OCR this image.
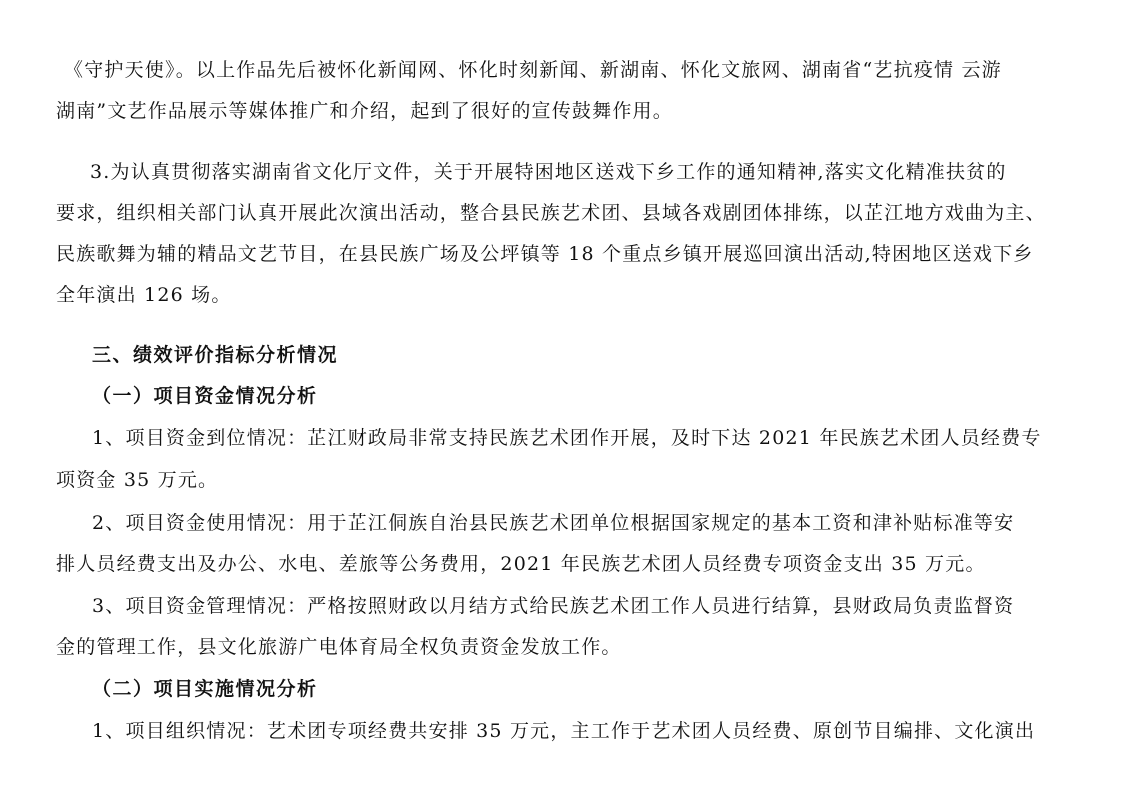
《守护天使》。以上作品先后被怀化新闻网、怀化时刻新闻、新湖南、怀化文旅网、湖南省“艺抗疫情 云游
湖南”文艺作品展示等媒体推广和介绍，起到了很好的宣传鼓舞作用。
3.为认真贯彻落实湖南省文化厅文件，关于开展特困地区送戏下乡工作的通知精神,落实文化精准扶贫的
要求，组织相关部门认真开展此次演出活动，整合县民族艺术团、县域各戏剧团体排练，以芷江地方戏曲为主、
民族歌舞为辅的精品文艺节目，在县民族广场及公坪镇等 18 个重点乡镇开展巡回演出活动,特困地区送戏下乡
全年演出 126 场。
三、绩效评价指标分析情况
（一）项目资金情况分析
1、项目资金到位情况：芷江财政局非常支持民族艺术团作开展，及时下达 2021 年民族艺术团人员经费专
项资金 35 万元。
2、项目资金使用情况：用于芷江侗族自治县民族艺术团单位根据国家规定的基本工资和津补贴标准等安
排人员经费支出及办公、水电、差旅等公务费用，2021 年民族艺术团人员经费专项资金支出 35 万元。
3、项目资金管理情况：严格按照财政以月结方式给民族艺术团工作人员进行结算，县财政局负责监督资
金的管理工作，县文化旅游广电体育局全权负责资金发放工作。
（二）项目实施情况分析
1、项目组织情况：艺术团专项经费共安排 35 万元，主工作于艺术团人员经费、原创节目编排、文化演出
